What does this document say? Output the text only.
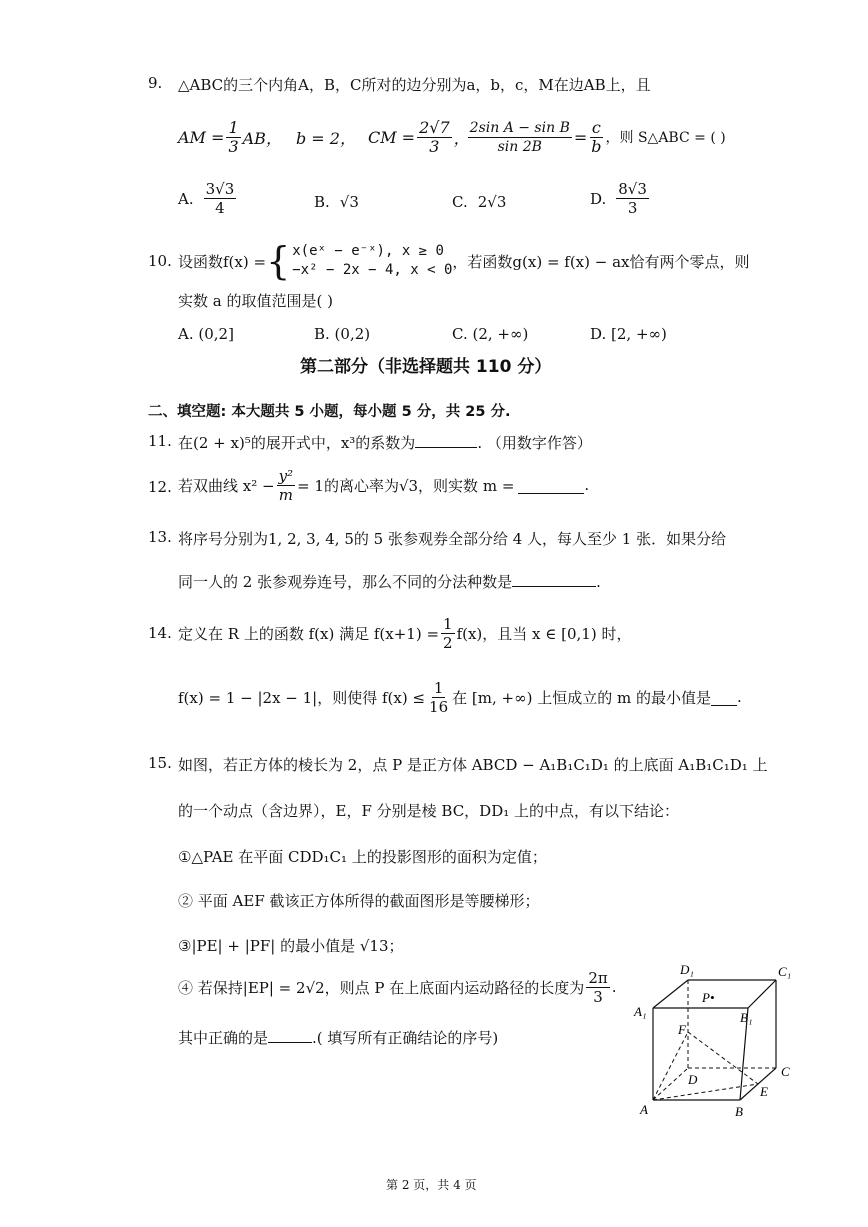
9. △ABC的三个内角A，B，C所对的边分别为a，b，c，M在边AB上，且
AM = $\frac{1}{3}$ AB， b = 2， CM = $\frac{2√7}{3}$ ，
$\frac{\text{2sin A − sin B}}{\sin 2B} = \frac{c}{b}$ ，则 S△ABC = ( )
A. $\frac{3√3}{4}$	B. √3	C. 2√3	D. $\frac{8√3}{3}$
10. 设函数f(x) = { x(eˣ − e⁻ˣ), x ≥ 0
−x² − 2x − 4, x < 0 ，若函数g(x) = f(x) − ax恰有两个零点，则
实数 a 的取值范围是( )
A. (0,2]	B. (0,2)	C. (2, +∞)	D. [2, +∞)
第二部分（非选择题共 110 分）
二、填空题: 本大题共 5 小题，每小题 5 分，共 25 分.
11. 在(2 + x)⁵的展开式中，x³的系数为	. （用数字作答）
12. 若双曲线 $x^2 - \frac{\text{y²}}{m} = 1$的离心率为√3，则实数 m =	.
13. 将序号分别为1, 2, 3, 4, 5的 5 张参观券全部分给 4 人，每人至少 1 张．如果分给
同一人的 2 张参观券连号，那么不同的分法种数是	.
14. 定义在 R 上的函数 f(x) 满足 $f(x+1) = \frac{1}{2} f(x)$，且当 x ∈ [0,1) 时，
f(x) = 1 − |2x − 1|，则使得 $f(x) \le \frac{1}{16}$ 在 [m, +∞) 上恒成立的 m 的最小值是 .
15. 如图，若正方体的棱长为 2，点 P 是正方体 ABCD − A₁B₁C₁D₁ 的上底面 A₁B₁C₁D₁ 上
的一个动点（含边界），E，F 分别是棱 BC，DD₁ 上的中点，有以下结论：
①△PAE 在平面 CDD₁C₁ 上的投影图形的面积为定值；
② 平面 AEF 截该正方体所得的截面图形是等腰梯形；
③|PE| + |PF| 的最小值是 √13；
④ 若保持|EP| = 2√2，则点 P 在上底面内运动路径的长度为 $\frac{2\pi}{3}$ .
其中正确的是	.( 填写所有正确结论的序号)
D₁	C₁
A₁	B₁
P•
F
D
C
E
A	B
第 2 页，共 4 页
